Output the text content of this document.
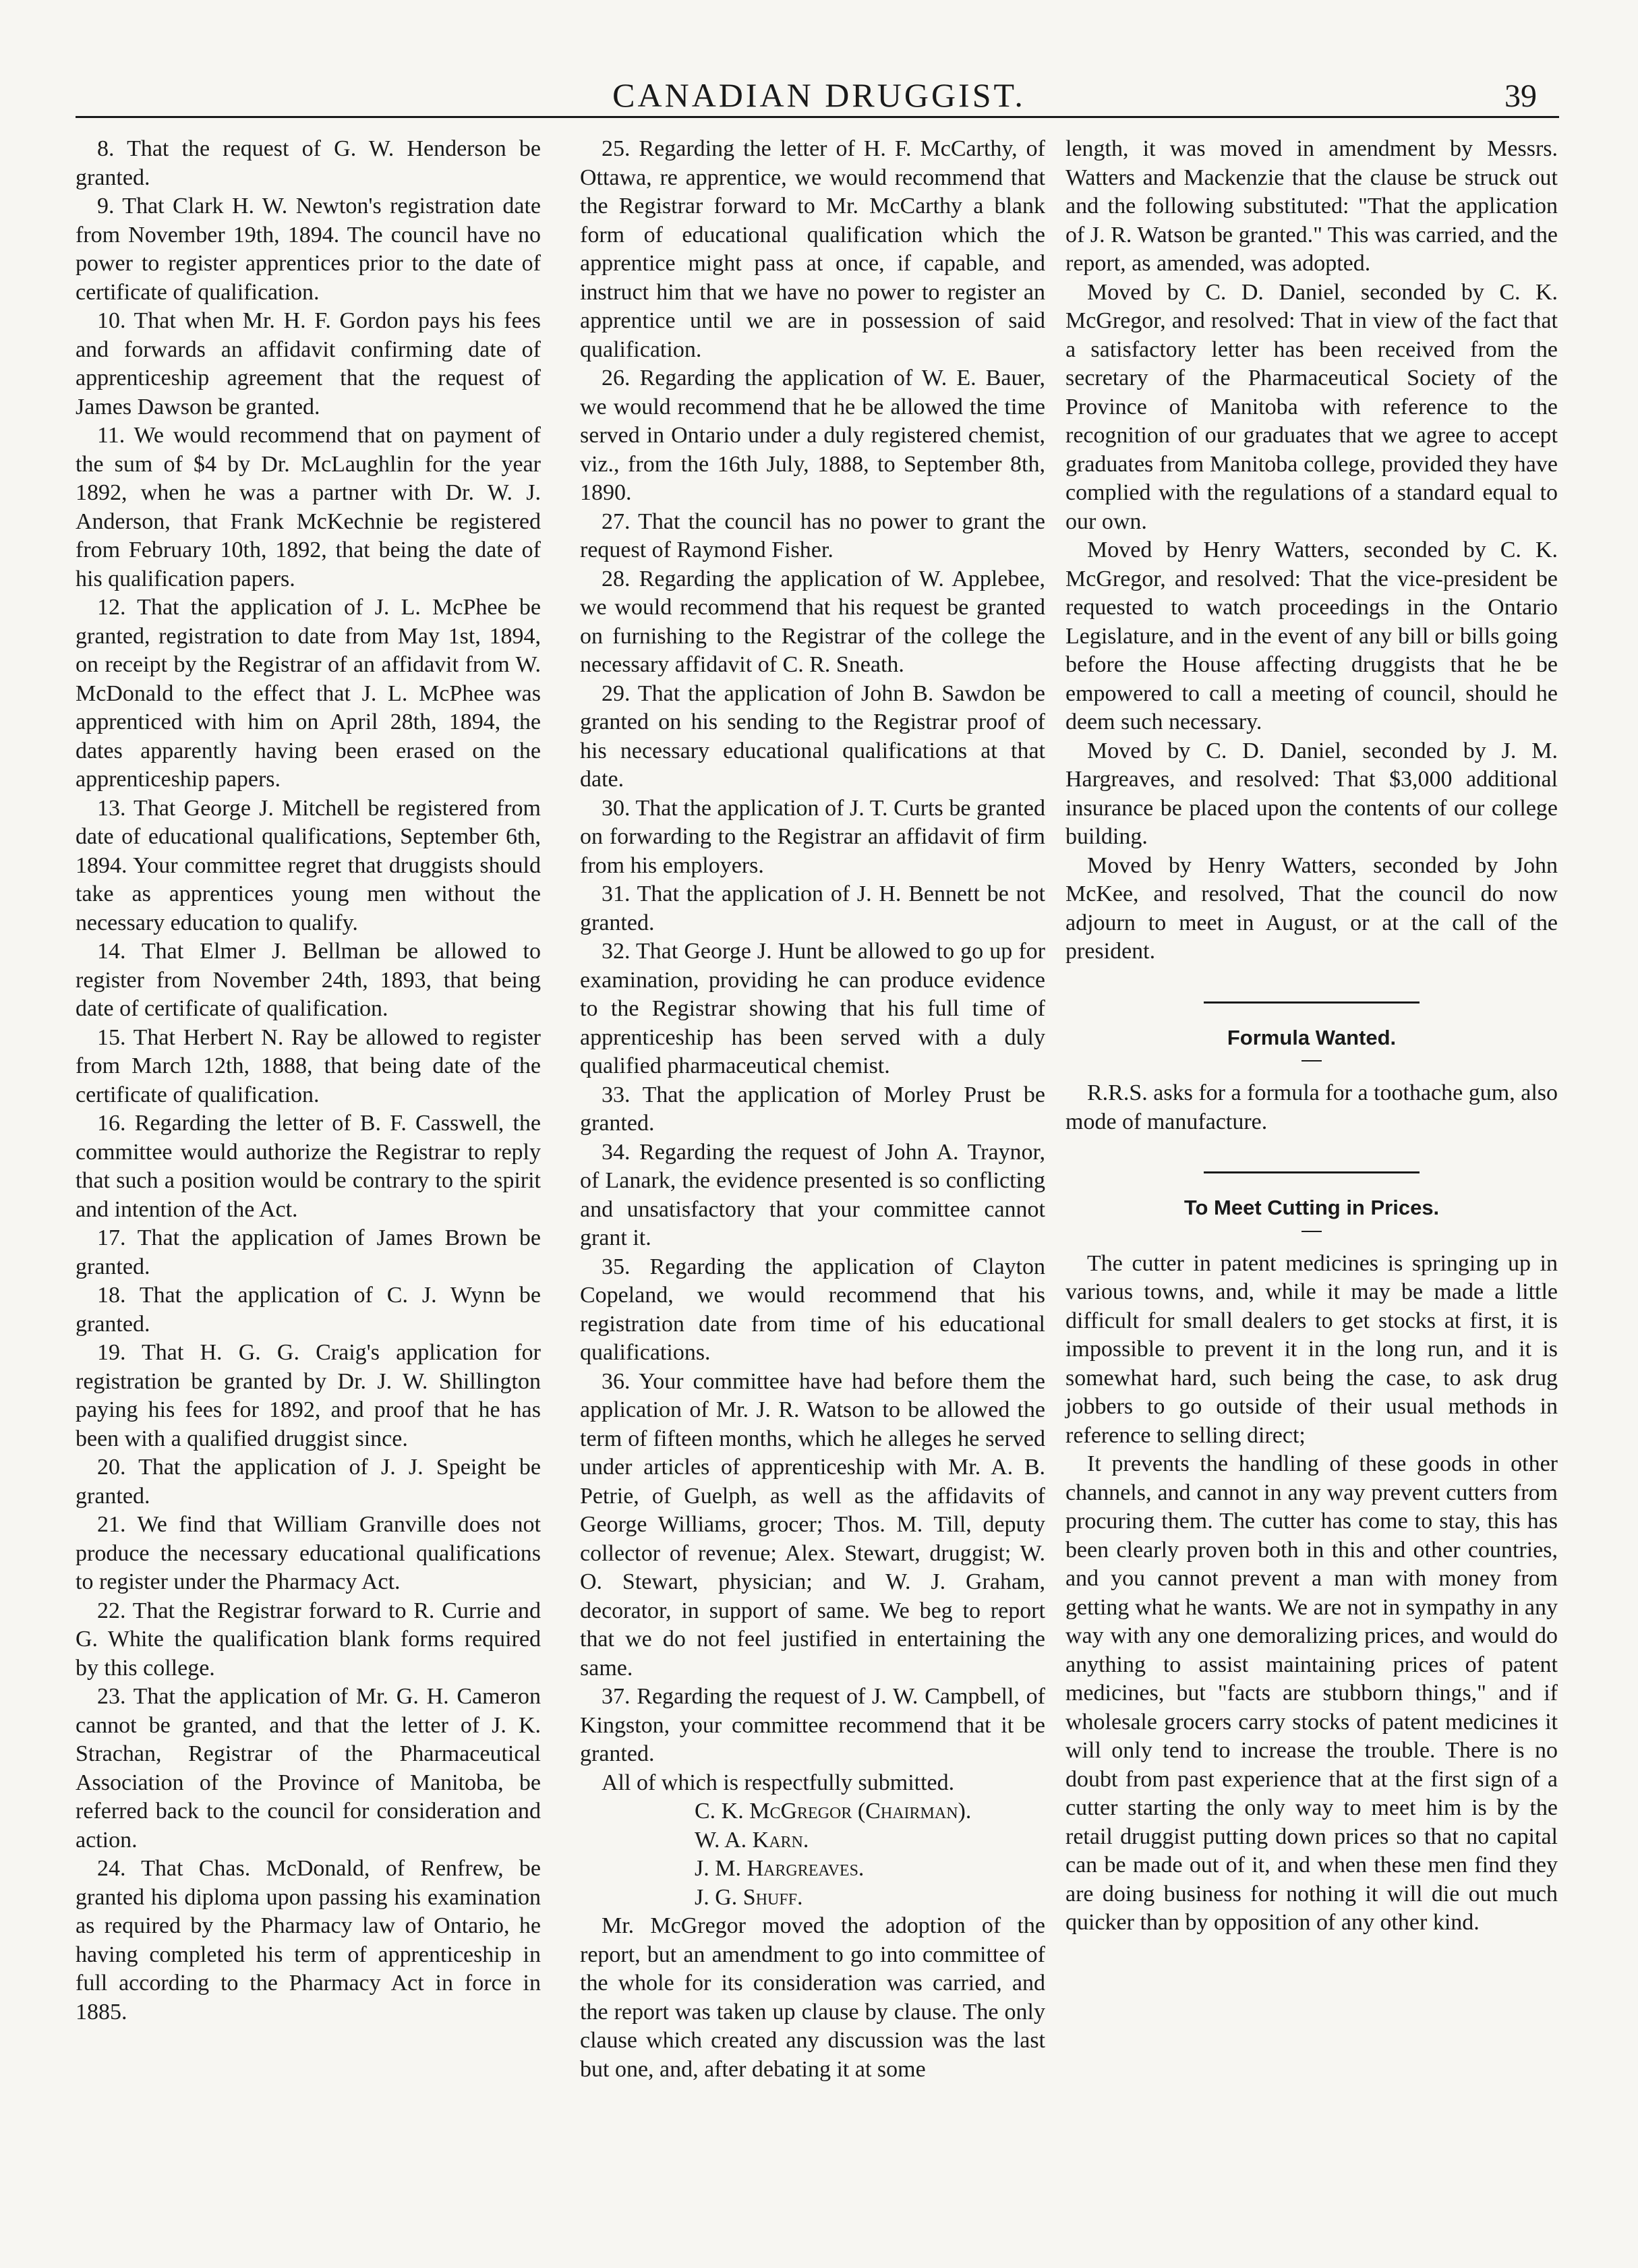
CANADIAN DRUGGIST.	39

8. That the request of G. W. Henderson be granted.

9. That Clark H. W. Newton's registration date from November 19th, 1894. The council have no power to register apprentices prior to the date of certificate of qualification.

10. That when Mr. H. F. Gordon pays his fees and forwards an affidavit confirming date of apprenticeship agreement that the request of James Dawson be granted.

11. We would recommend that on payment of the sum of $4 by Dr. McLaughlin for the year 1892, when he was a partner with Dr. W. J. Anderson, that Frank McKechnie be registered from February 10th, 1892, that being the date of his qualification papers.

12. That the application of J. L. McPhee be granted, registration to date from May 1st, 1894, on receipt by the Registrar of an affidavit from W. McDonald to the effect that J. L. McPhee was apprenticed with him on April 28th, 1894, the dates apparently having been erased on the apprenticeship papers.

13. That George J. Mitchell be registered from date of educational qualifications, September 6th, 1894. Your committee regret that druggists should take as apprentices young men without the necessary education to qualify.

14. That Elmer J. Bellman be allowed to register from November 24th, 1893, that being date of certificate of qualification.

15. That Herbert N. Ray be allowed to register from March 12th, 1888, that being date of the certificate of qualification.

16. Regarding the letter of B. F. Casswell, the committee would authorize the Registrar to reply that such a position would be contrary to the spirit and intention of the Act.

17. That the application of James Brown be granted.

18. That the application of C. J. Wynn be granted.

19. That H. G. G. Craig's application for registration be granted by Dr. J. W. Shillington paying his fees for 1892, and proof that he has been with a qualified druggist since.

20. That the application of J. J. Speight be granted.

21. We find that William Granville does not produce the necessary educational qualifications to register under the Pharmacy Act.

22. That the Registrar forward to R. Currie and G. White the qualification blank forms required by this college.

23. That the application of Mr. G. H. Cameron cannot be granted, and that the letter of J. K. Strachan, Registrar of the Pharmaceutical Association of the Province of Manitoba, be referred back to the council for consideration and action.

24. That Chas. McDonald, of Renfrew, be granted his diploma upon passing his examination as required by the Pharmacy law of Ontario, he having completed his term of apprenticeship in full according to the Pharmacy Act in force in 1885.

25. Regarding the letter of H. F. McCarthy, of Ottawa, re apprentice, we would recommend that the Registrar forward to Mr. McCarthy a blank form of educational qualification which the apprentice might pass at once, if capable, and instruct him that we have no power to register an apprentice until we are in possession of said qualification.

26. Regarding the application of W. E. Bauer, we would recommend that he be allowed the time served in Ontario under a duly registered chemist, viz., from the 16th July, 1888, to September 8th, 1890.

27. That the council has no power to grant the request of Raymond Fisher.

28. Regarding the application of W. Applebee, we would recommend that his request be granted on furnishing to the Registrar of the college the necessary affidavit of C. R. Sneath.

29. That the application of John B. Sawdon be granted on his sending to the Registrar proof of his necessary educational qualifications at that date.

30. That the application of J. T. Curts be granted on forwarding to the Registrar an affidavit of firm from his employers.

31. That the application of J. H. Bennett be not granted.

32. That George J. Hunt be allowed to go up for examination, providing he can produce evidence to the Registrar showing that his full time of apprenticeship has been served with a duly qualified pharmaceutical chemist.

33. That the application of Morley Prust be granted.

34. Regarding the request of John A. Traynor, of Lanark, the evidence presented is so conflicting and unsatisfactory that your committee cannot grant it.

35. Regarding the application of Clayton Copeland, we would recommend that his registration date from time of his educational qualifications.

36. Your committee have had before them the application of Mr. J. R. Watson to be allowed the term of fifteen months, which he alleges he served under articles of apprenticeship with Mr. A. B. Petrie, of Guelph, as well as the affidavits of George Williams, grocer; Thos. M. Till, deputy collector of revenue; Alex. Stewart, druggist; W. O. Stewart, physician; and W. J. Graham, decorator, in support of same. We beg to report that we do not feel justified in entertaining the same.

37. Regarding the request of J. W. Campbell, of Kingston, your committee recommend that it be granted.

All of which is respectfully submitted.

C. K. McGregor (Chairman).

W. A. Karn.

J. M. Hargreaves.

J. G. Shuff.

Mr. McGregor moved the adoption of the report, but an amendment to go into committee of the whole for its consideration was carried, and the report was taken up clause by clause. The only clause which created any discussion was the last but one, and, after debating it at some

length, it was moved in amendment by Messrs. Watters and Mackenzie that the clause be struck out and the following substituted: "That the application of J. R. Watson be granted." This was carried, and the report, as amended, was adopted.

Moved by C. D. Daniel, seconded by C. K. McGregor, and resolved: That in view of the fact that a satisfactory letter has been received from the secretary of the Pharmaceutical Society of the Province of Manitoba with reference to the recognition of our graduates that we agree to accept graduates from Manitoba college, provided they have complied with the regulations of a standard equal to our own.

Moved by Henry Watters, seconded by C. K. McGregor, and resolved: That the vice-president be requested to watch proceedings in the Ontario Legislature, and in the event of any bill or bills going before the House affecting druggists that he be empowered to call a meeting of council, should he deem such necessary.

Moved by C. D. Daniel, seconded by J. M. Hargreaves, and resolved: That $3,000 additional insurance be placed upon the contents of our college building.

Moved by Henry Watters, seconded by John McKee, and resolved, That the council do now adjourn to meet in August, or at the call of the president.

Formula Wanted.

R.R.S. asks for a formula for a toothache gum, also mode of manufacture.

To Meet Cutting in Prices.

The cutter in patent medicines is springing up in various towns, and, while it may be made a little difficult for small dealers to get stocks at first, it is impossible to prevent it in the long run, and it is somewhat hard, such being the case, to ask drug jobbers to go outside of their usual methods in reference to selling direct;

It prevents the handling of these goods in other channels, and cannot in any way prevent cutters from procuring them. The cutter has come to stay, this has been clearly proven both in this and other countries, and you cannot prevent a man with money from getting what he wants. We are not in sympathy in any way with any one demoralizing prices, and would do anything to assist maintaining prices of patent medicines, but "facts are stubborn things," and if wholesale grocers carry stocks of patent medicines it will only tend to increase the trouble. There is no doubt from past experience that at the first sign of a cutter starting the only way to meet him is by the retail druggist putting down prices so that no capital can be made out of it, and when these men find they are doing business for nothing it will die out much quicker than by opposition of any other kind.
